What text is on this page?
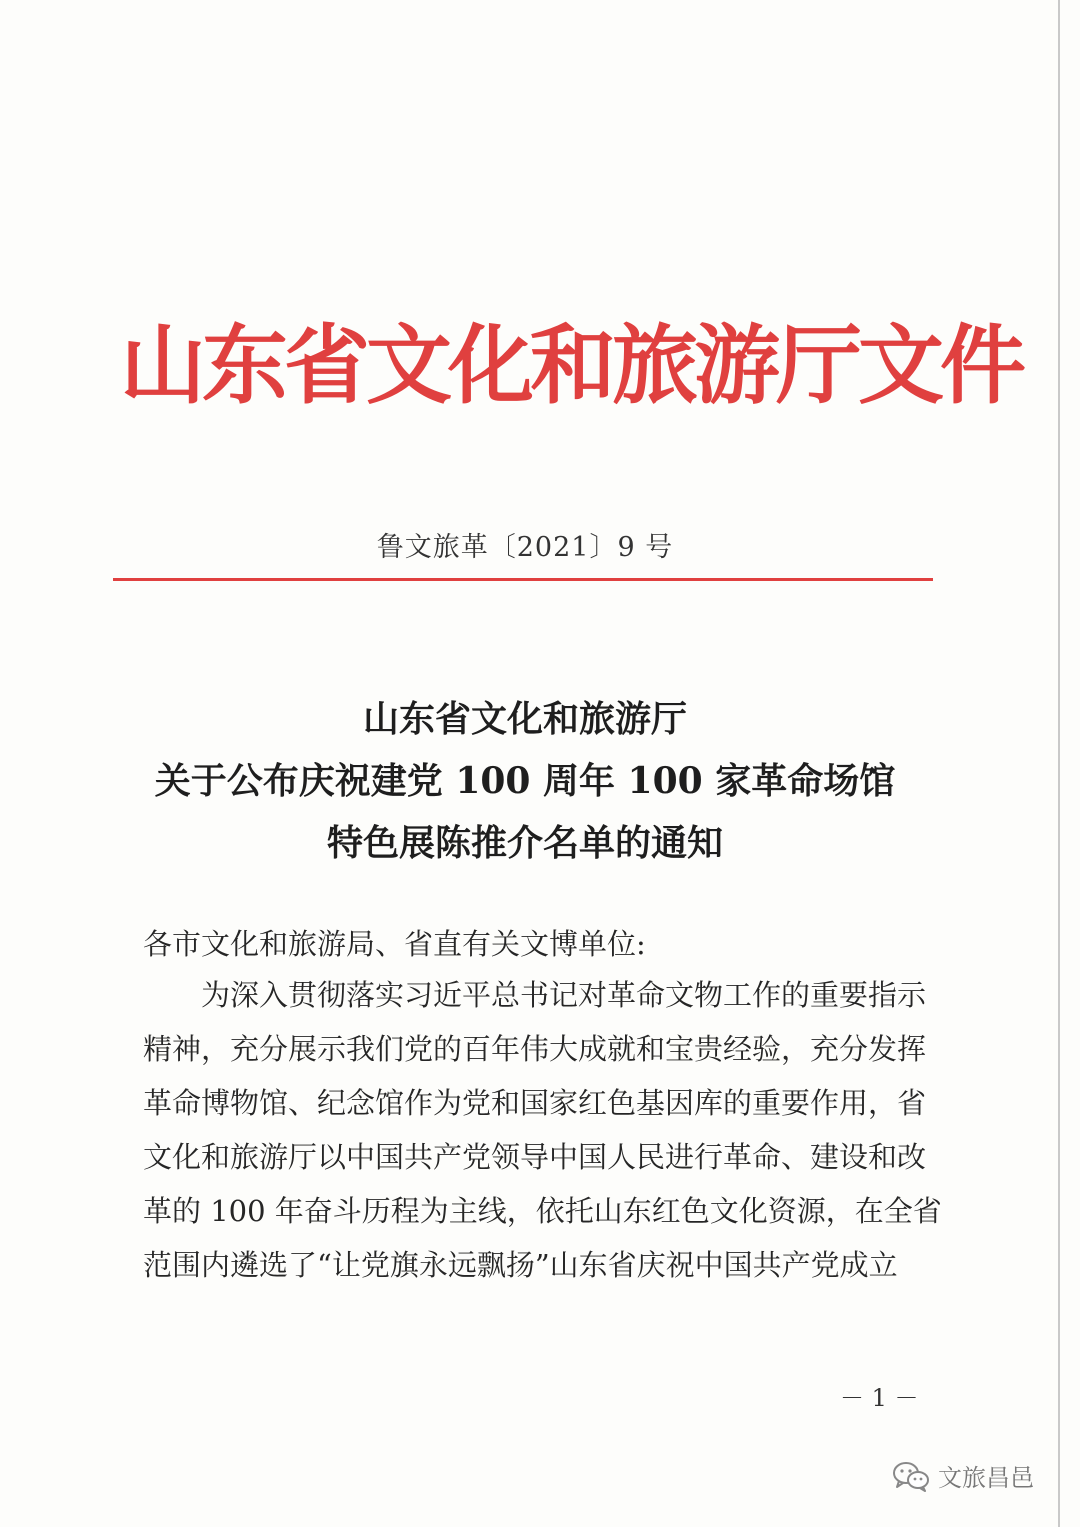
山东省文化和旅游厅文件
鲁文旅革〔2021〕9 号
山东省文化和旅游厅
关于公布庆祝建党 100 周年 100 家革命场馆
特色展陈推介名单的通知
各市文化和旅游局、省直有关文博单位:
　　为深入贯彻落实习近平总书记对革命文物工作的重要指示
精神，充分展示我们党的百年伟大成就和宝贵经验，充分发挥
革命博物馆、纪念馆作为党和国家红色基因库的重要作用，省
文化和旅游厅以中国共产党领导中国人民进行革命、建设和改
革的 100 年奋斗历程为主线，依托山东红色文化资源，在全省
范围内遴选了“让党旗永远飘扬”山东省庆祝中国共产党成立
－ 1 －
文旅昌邑
